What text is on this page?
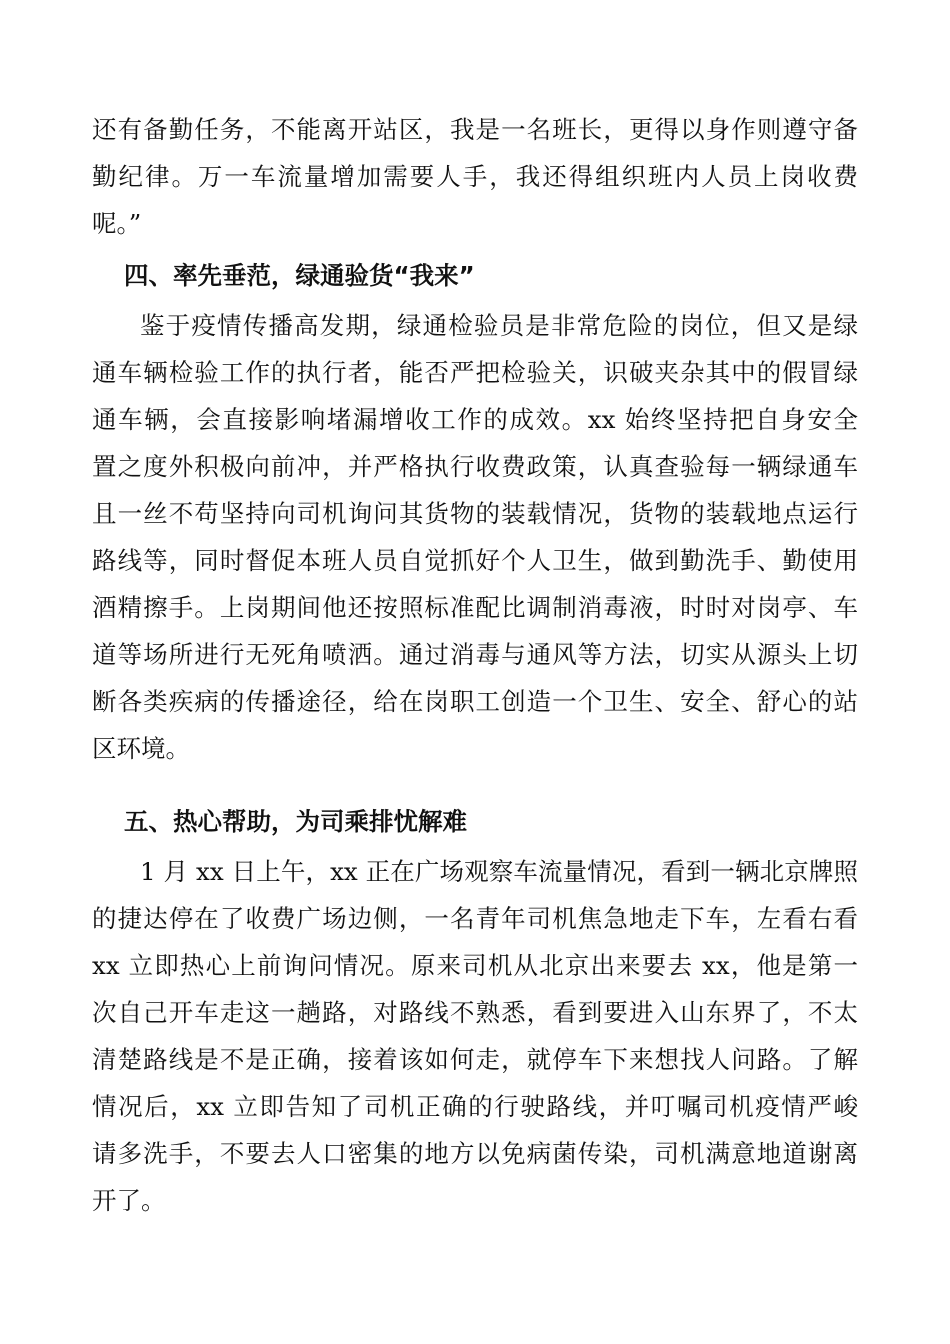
还有备勤任务，不能离开站区，我是一名班长，更得以身作则遵守备
勤纪律。万一车流量增加需要人手，我还得组织班内人员上岗收费
呢。”
四、率先垂范，绿通验货“我来”
鉴于疫情传播高发期，绿通检验员是非常危险的岗位，但又是绿
通车辆检验工作的执行者，能否严把检验关，识破夹杂其中的假冒绿
通车辆，会直接影响堵漏增收工作的成效。xx 始终坚持把自身安全
置之度外积极向前冲，并严格执行收费政策，认真查验每一辆绿通车
且一丝不苟坚持向司机询问其货物的装载情况，货物的装载地点运行
路线等，同时督促本班人员自觉抓好个人卫生，做到勤洗手、勤使用
酒精擦手。上岗期间他还按照标准配比调制消毒液，时时对岗亭、车
道等场所进行无死角喷洒。通过消毒与通风等方法，切实从源头上切
断各类疾病的传播途径，给在岗职工创造一个卫生、安全、舒心的站
区环境。
五、热心帮助，为司乘排忧解难
1 月 xx 日上午，xx 正在广场观察车流量情况，看到一辆北京牌照
的捷达停在了收费广场边侧，一名青年司机焦急地走下车，左看右看
xx 立即热心上前询问情况。原来司机从北京出来要去 xx，他是第一
次自己开车走这一趟路，对路线不熟悉，看到要进入山东界了，不太
清楚路线是不是正确，接着该如何走，就停车下来想找人问路。了解
情况后，xx 立即告知了司机正确的行驶路线，并叮嘱司机疫情严峻
请多洗手，不要去人口密集的地方以免病菌传染，司机满意地道谢离
开了。
